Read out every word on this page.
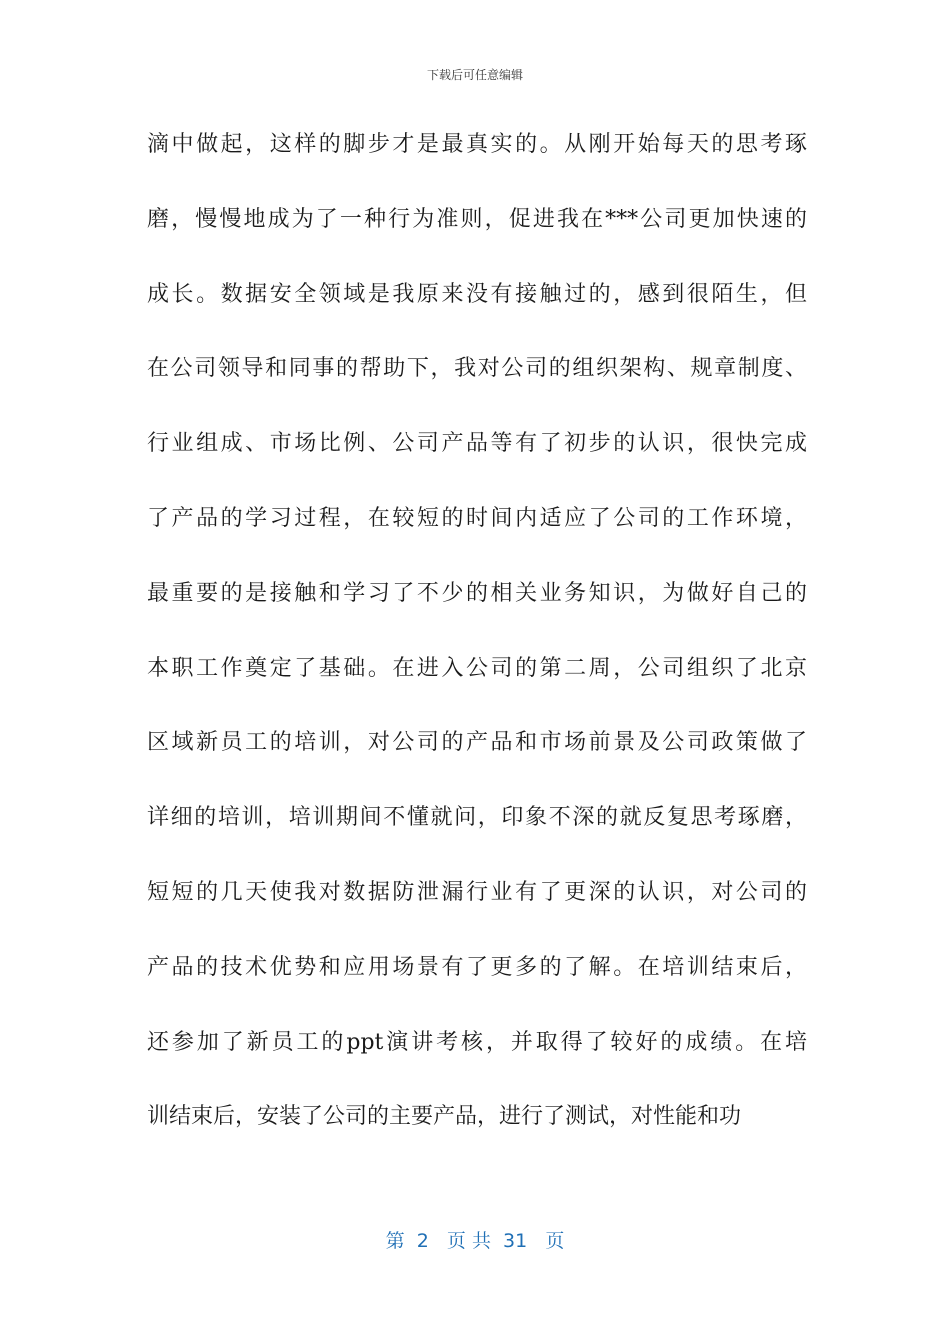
下载后可任意编辑
滴中做起，这样的脚步才是最真实的。从刚开始每天的思考琢
磨，慢慢地成为了一种行为准则，促进我在***公司更加快速的
成长。数据安全领域是我原来没有接触过的，感到很陌生，但
在公司领导和同事的帮助下，我对公司的组织架构、规章制度、
行业组成、市场比例、公司产品等有了初步的认识，很快完成
了产品的学习过程，在较短的时间内适应了公司的工作环境，
最重要的是接触和学习了不少的相关业务知识，为做好自己的
本职工作奠定了基础。在进入公司的第二周，公司组织了北京
区域新员工的培训，对公司的产品和市场前景及公司政策做了
详细的培训，培训期间不懂就问，印象不深的就反复思考琢磨，
短短的几天使我对数据防泄漏行业有了更深的认识，对公司的
产品的技术优势和应用场景有了更多的了解。在培训结束后，
还参加了新员工的ppt演讲考核，并取得了较好的成绩。在培
训结束后，安装了公司的主要产品，进行了测试，对性能和功
第  2   页 共  31   页
